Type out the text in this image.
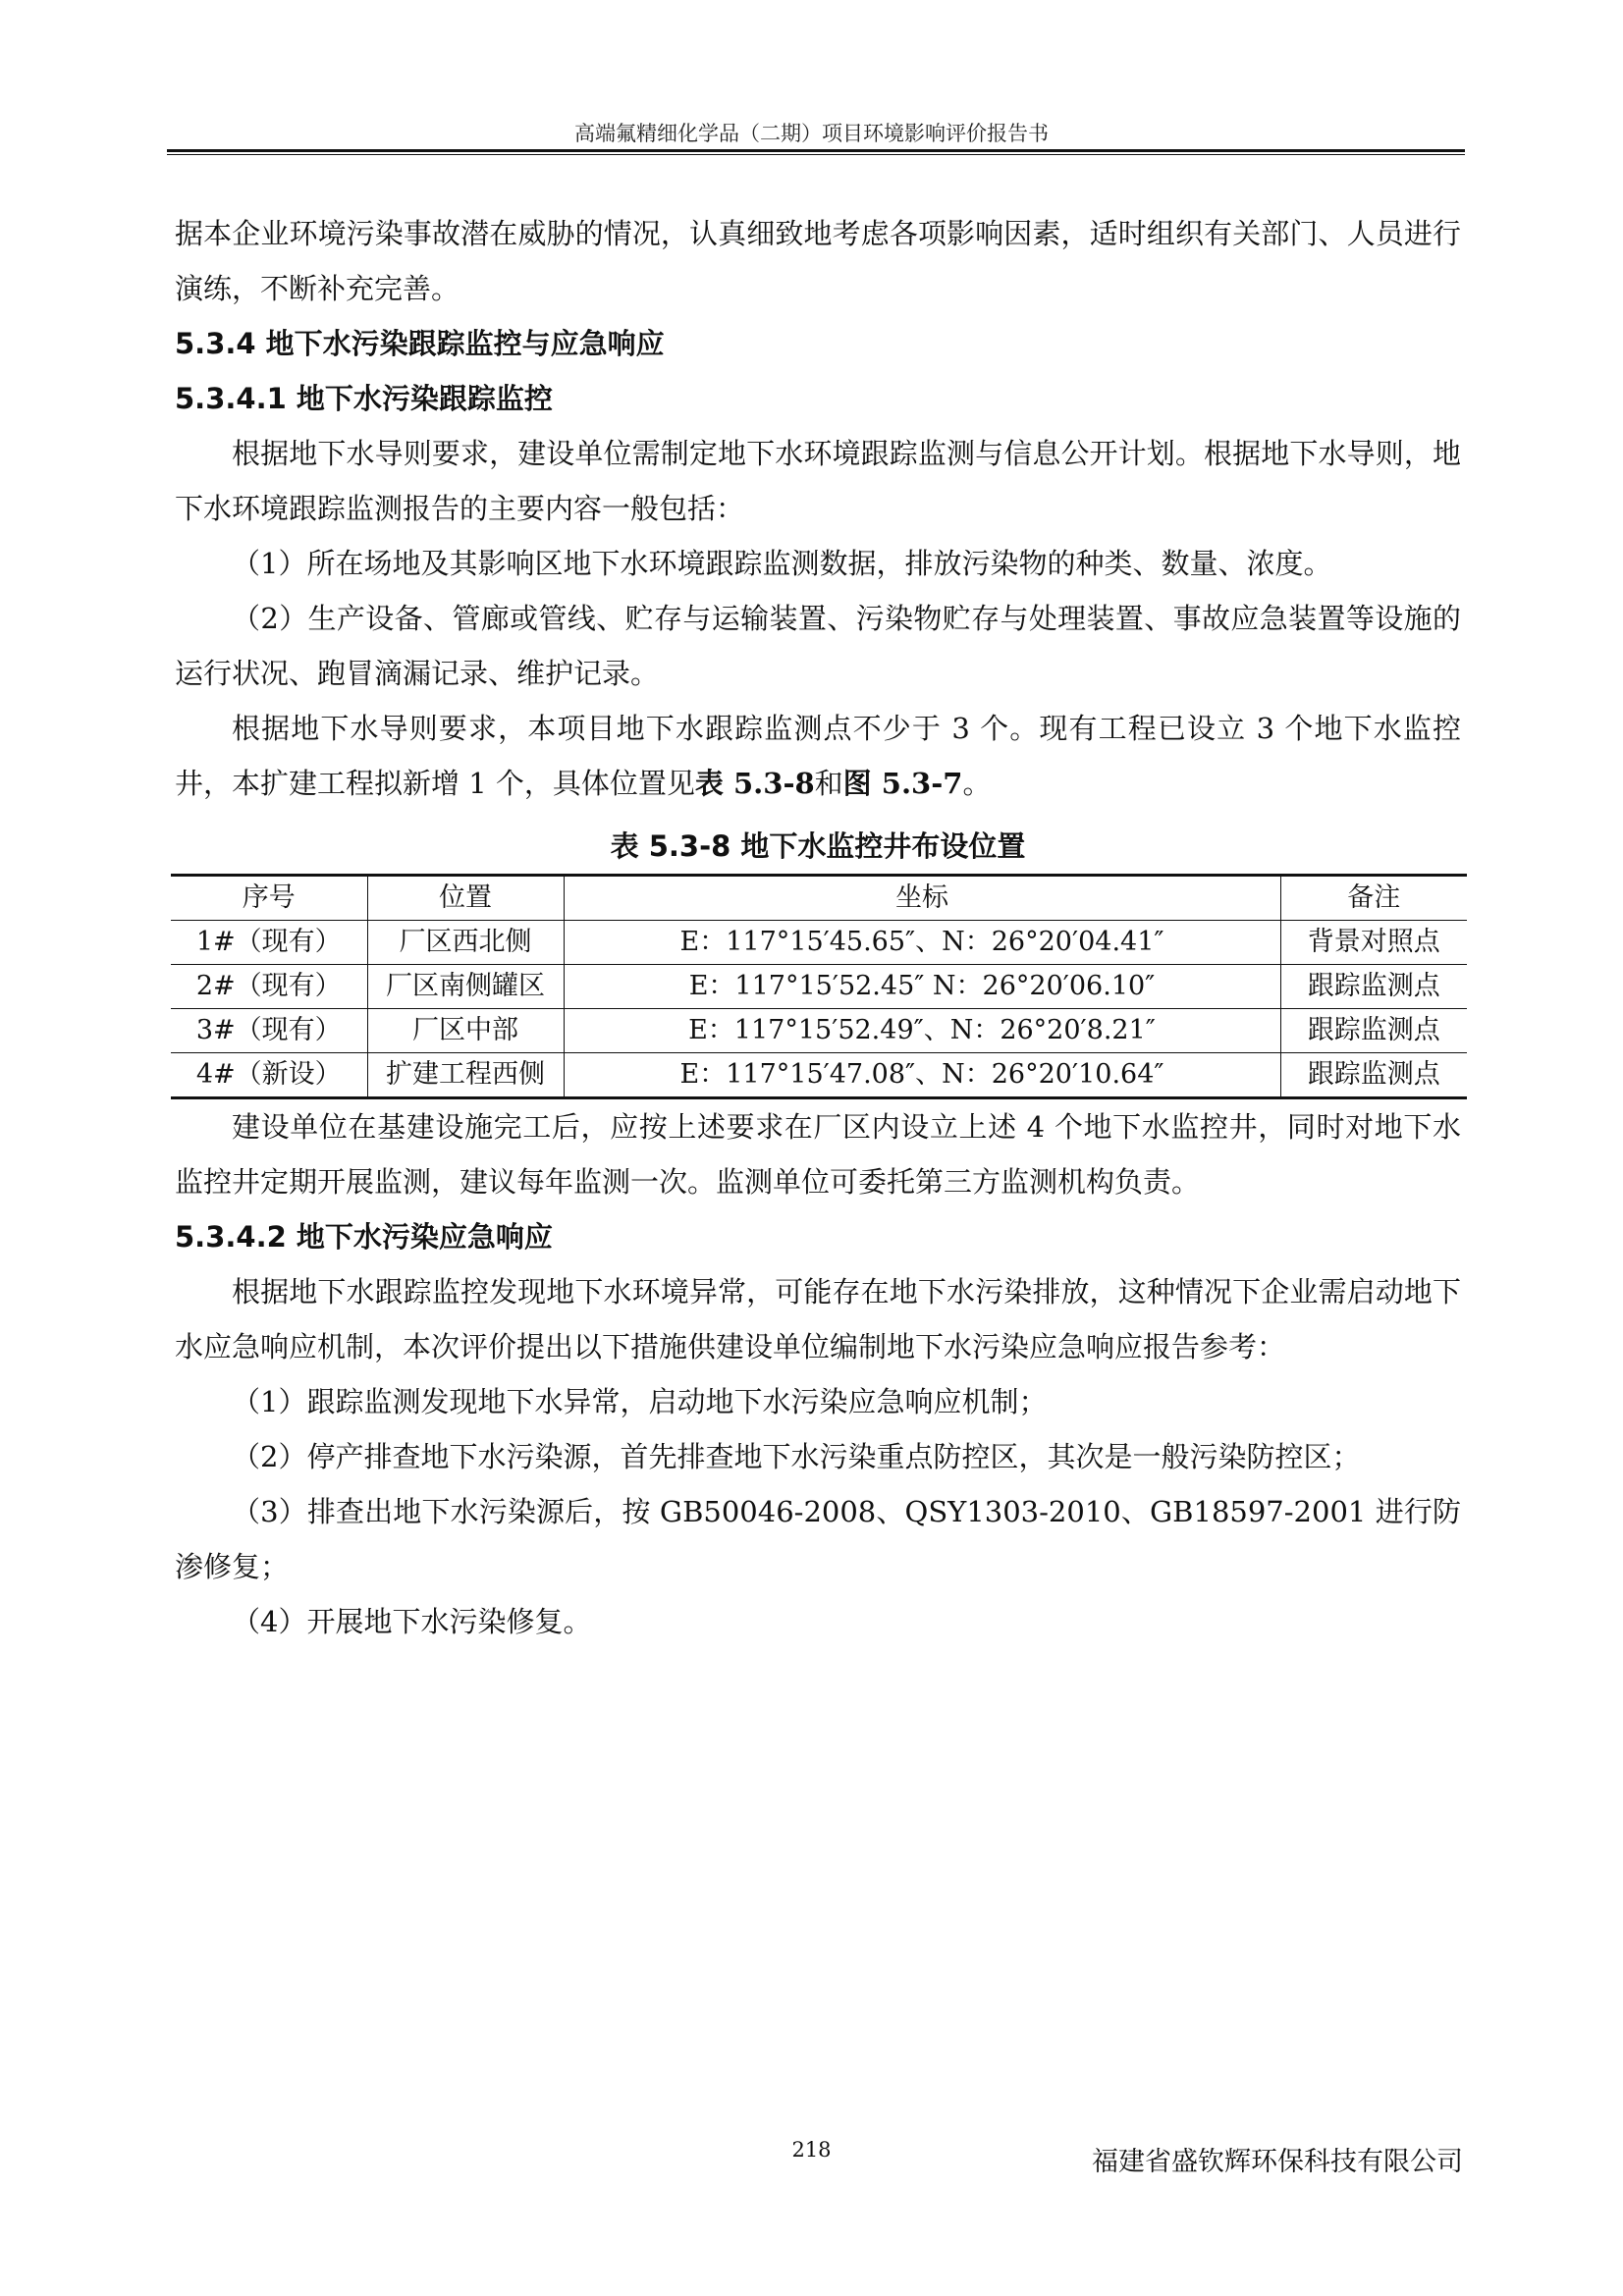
高端氟精细化学品（二期）项目环境影响评价报告书

据本企业环境污染事故潜在威胁的情况，认真细致地考虑各项影响因素，适时组织有关部门、人员进行演练，不断补充完善。

5.3.4 地下水污染跟踪监控与应急响应
5.3.4.1 地下水污染跟踪监控

根据地下水导则要求，建设单位需制定地下水环境跟踪监测与信息公开计划。根据地下水导则，地下水环境跟踪监测报告的主要内容一般包括：

（1）所在场地及其影响区地下水环境跟踪监测数据，排放污染物的种类、数量、浓度。

（2）生产设备、管廊或管线、贮存与运输装置、污染物贮存与处理装置、事故应急装置等设施的运行状况、跑冒滴漏记录、维护记录。

根据地下水导则要求，本项目地下水跟踪监测点不少于 3 个。现有工程已设立 3 个地下水监控井，本扩建工程拟新增 1 个，具体位置见表 5.3-8和图 5.3-7。

表 5.3-8 地下水监控井布设位置
序号	位置	坐标	备注
1#（现有）	厂区西北侧	E：117°15′45.65″、N：26°20′04.41″	背景对照点
2#（现有）	厂区南侧罐区	E：117°15′52.45″ N：26°20′06.10″	跟踪监测点
3#（现有）	厂区中部	E：117°15′52.49″、N：26°20′8.21″	跟踪监测点
4#（新设）	扩建工程西侧	E：117°15′47.08″、N：26°20′10.64″	跟踪监测点

建设单位在基建设施完工后，应按上述要求在厂区内设立上述 4 个地下水监控井，同时对地下水监控井定期开展监测，建议每年监测一次。监测单位可委托第三方监测机构负责。

5.3.4.2 地下水污染应急响应

根据地下水跟踪监控发现地下水环境异常，可能存在地下水污染排放，这种情况下企业需启动地下水应急响应机制，本次评价提出以下措施供建设单位编制地下水污染应急响应报告参考：

（1）跟踪监测发现地下水异常，启动地下水污染应急响应机制；

（2）停产排查地下水污染源，首先排查地下水污染重点防控区，其次是一般污染防控区；

（3）排查出地下水污染源后，按 GB50046-2008、QSY1303-2010、GB18597-2001 进行防渗修复；

（4）开展地下水污染修复。

218	福建省盛钦辉环保科技有限公司
